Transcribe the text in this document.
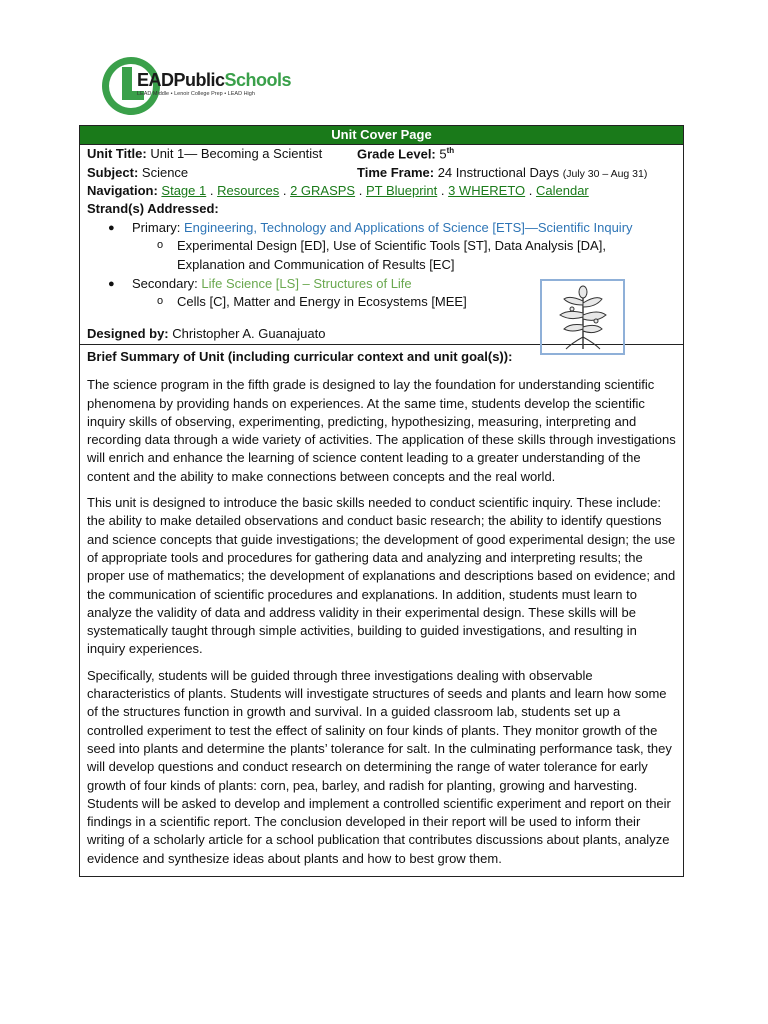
EADPublicSchools
LEAD Middle • Lenoir College Prep • LEAD High
Unit Cover Page
Unit Title: Unit 1— Becoming a Scientist	Grade Level: 5th
Subject: Science	Time Frame: 24 Instructional Days (July 30 – Aug 31)
Navigation: Stage 1 . Resources . 2 GRASPS . PT Blueprint . 3 WHERETO . Calendar
Strand(s) Addressed:
● Primary: Engineering, Technology and Applications of Science [ETS]—Scientific Inquiry
o Experimental Design [ED], Use of Scientific Tools [ST], Data Analysis [DA],
Explanation and Communication of Results [EC]
● Secondary: Life Science [LS] – Structures of Life
o Cells [C], Matter and Energy in Ecosystems [MEE]
Designed by: Christopher A. Guanajuato
Brief Summary of Unit (including curricular context and unit goal(s)):

The science program in the fifth grade is designed to lay the foundation for understanding scientific phenomena by providing hands on experiences. At the same time, students develop the scientific inquiry skills of observing, experimenting, predicting, hypothesizing, measuring, interpreting and recording data through a wide variety of activities. The application of these skills through investigations will enrich and enhance the learning of science content leading to a greater understanding of the content and the ability to make connections between concepts and the real world.

This unit is designed to introduce the basic skills needed to conduct scientific inquiry. These include: the ability to make detailed observations and conduct basic research; the ability to identify questions and science concepts that guide investigations; the development of good experimental design; the use of appropriate tools and procedures for gathering data and analyzing and interpreting results; the proper use of mathematics; the development of explanations and descriptions based on evidence; and the communication of scientific procedures and explanations. In addition, students must learn to analyze the validity of data and address validity in their experimental design. These skills will be systematically taught through simple activities, building to guided investigations, and resulting in inquiry experiences.

Specifically, students will be guided through three investigations dealing with observable characteristics of plants. Students will investigate structures of seeds and plants and learn how some of the structures function in growth and survival. In a guided classroom lab, students set up a controlled experiment to test the effect of salinity on four kinds of plants. They monitor growth of the seed into plants and determine the plants’ tolerance for salt. In the culminating performance task, they will develop questions and conduct research on determining the range of water tolerance for early growth of four kinds of plants: corn, pea, barley, and radish for planting, growing and harvesting. Students will be asked to develop and implement a controlled scientific experiment and report on their findings in a scientific report. The conclusion developed in their report will be used to inform their writing of a scholarly article for a school publication that contributes discussions about plants, analyze evidence and synthesize ideas about plants and how to best grow them.
